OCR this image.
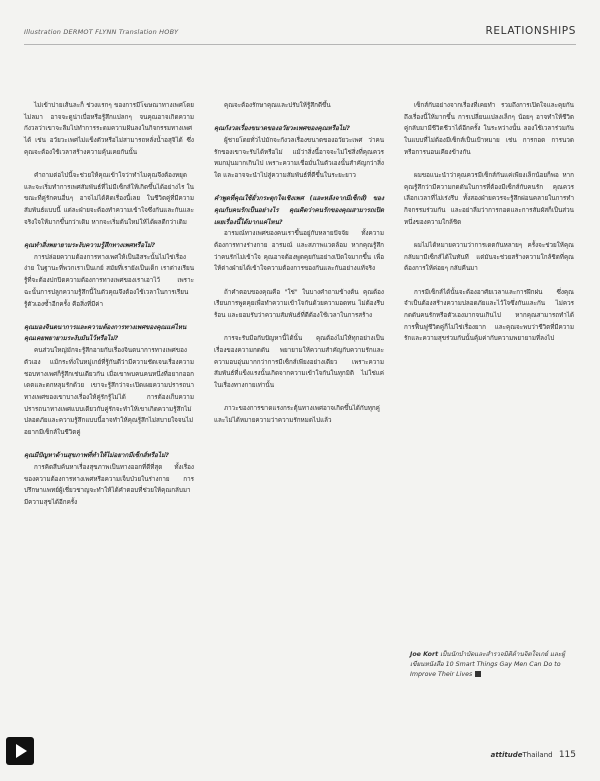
Illustration DERMOT FLYNN Translation HOBY	RELATIONSHIPS

ไม่เข้าบ่ายเส้นละก็ ช่วงแรกๆ ของการมีโฆษณาทางเพศโดยไม่ลมา อาจจะดูน่าเบื่อหรือรู้สึกแปลกๆ จนคุณอาจเกิดความกังวลว่าเขาจะลืมไปทำการระดมความฝันลงในกิจกรรมทางเพศได้ เช่น อวัยวะเพศไม่แข็งตัวหรือไม่สามารถหลั่งน้ำอสุจิได้ ซึ่งคุณจะต้องใช้เวลาสร้างความคุ้นเคยกันนั้น

คำถามต่อไปนี้จะช่วยให้คุณเข้าใจว่าทำไมคุณจึงต้องหยุด และจะเริ่มทำการเพศสัมพันธ์ที่ไม่มีเซ็กส์ให้เกิดขึ้นได้อย่างไร ในขณะที่คู่รักคนอื่นๆ อาจไม่ได้คิดเรื่องนี้เลย ในชีวิตคู่ที่มีความสัมพันธ์แบบนี้ แต่ละฝ่ายจะต้องทำความเข้าใจซึ่งกันและกันและจริงใจให้มากขึ้นกว่าเดิม หากจะเริ่มต้นใหม่ให้ได้ผลดีกว่าเดิม

คุณทำสิ่งพยายามระงับความรู้สึกทางเพศหรือไม่?

การปล่อยความต้องการทางเพศให้เป็นอิสระนั้นไม่ใช่เรื่องง่าย ในฐานะที่พวกเราเป็นเกย์ สมัยที่เรายังเป็นเด็ก เราต่างเรียนรู้ที่จะต้องปกปิดความต้องการทางเพศของเราเอาไว้ เพราะฉะนั้นการปลูกความรู้สึกนี้ในตัวคุณจึงต้องใช้เวลาในการเรียนรู้ตัวเองซ้ำอีกครั้ง คือสิ่งที่มีค่า

คุณมองจินตนาการและความต้องการทางเพศของคุณแค่ไหน คุณเคยพยายามระงับมันไว้หรือไม่?

คนส่วนใหญ่มักจะรู้สึกอายกับเรื่องจินตนาการทางเพศของตัวเอง แม้กระทั่งในหมู่เกย์ที่รู้กันดีว่ามีความชัดเจนเรื่องความชอบทางเพศก็รู้สึกเช่นเดียวกัน เมื่อเขาพบคนคนหนึ่งที่อยากออกเดตและตกหลุมรักด้วย เขาจะรู้สึกว่าจะเปิดเผยความปรารถนาทางเพศของเขาบางเรื่องให้คู่รักรู้ไม่ได้ การต้องเก็บความปรารถนาทางเพศแบบเดียวกับคู่รักจะทำให้เขาเกิดความรู้สึกไม่ปลอดภัยและความรู้สึกแบบนี้อาจทำให้คุณรู้สึกไม่สบายใจจนไม่อยากมีเซ็กส์ในชีวิตคู่

คุณมีปัญหาด้านสุขภาพที่ทำให้ไม่อยากมีเซ็กส์หรือไม่?

การคิดสืบค้นหาเรื่องสุขภาพเป็นทางออกที่ดีที่สุด ทั้งเรื่องของความต้องการทางเพศหรือความเจ็บป่วยในร่างกาย การปรึกษาแพทย์ผู้เชี่ยวชาญจะทำให้ได้คำตอบที่ช่วยให้คุณกลับมามีความสุขได้อีกครั้ง

คุณจะต้องรักษาคุณและปรับให้รู้สึกดีขึ้น

คุณกังวลเรื่องขนาดของอวัยวะเพศของคุณหรือไม่?

ผู้ชายโดยทั่วไปมักจะกังวลเรื่องขนาดของอวัยวะเพศ ว่าคนรักของเขาจะรับได้หรือไม่ แม้ว่าสิ่งนี้อาจจะไม่ใช่สิ่งที่คุณควรหมกมุ่นมากเกินไป เพราะความเชื่อมั่นในตัวเองนั้นสำคัญกว่าสิ่งใด และอาจจะนำไปสู่ความสัมพันธ์ที่ดีขึ้นในระยะยาว

คำพูดที่คุณใช้ยั่วกระตุกใจเชิงเพศ (และหลังจากมีเซ็กส์) ของคุณกับคนรักเป็นอย่างไร คุณคิดว่าคนรักของคุณสามารถเปิดเผยเรื่องนี้ได้มากแค่ไหน?

อารมณ์ทางเพศของคนเราขึ้นอยู่กับหลายปัจจัย ทั้งความต้องการทางร่างกาย อารมณ์ และสภาพแวดล้อม หากคุณรู้สึกว่าคนรักไม่เข้าใจ คุณอาจต้องพูดคุยกันอย่างเปิดใจมากขึ้น เพื่อให้ต่างฝ่ายได้เข้าใจความต้องการของกันและกันอย่างแท้จริง

ถ้าคำตอบของคุณคือ "ใช่" ในบางคำถามข้างต้น คุณต้องเรียนการพูดคุยเพื่อทำความเข้าใจกันด้วยความอดทน ไม่ต้องรีบร้อน และยอมรับว่าความสัมพันธ์ที่ดีต้องใช้เวลาในการสร้าง

การจะรับมือกับปัญหานี้ได้นั้น คุณต้องไม่ให้ทุกอย่างเป็นเรื่องของความกดดัน พยายามให้ความสำคัญกับความรักและความอบอุ่นมากกว่าการมีเซ็กส์เพียงอย่างเดียว เพราะความสัมพันธ์ที่แข็งแรงนั้นเกิดจากความเข้าใจกันในทุกมิติ ไม่ใช่แค่ในเรื่องทางกายเท่านั้น

ภาวะของการขาดแรงกระตุ้นทางเพศอาจเกิดขึ้นได้กับทุกคู่ และไม่ได้หมายความว่าความรักหมดไปแล้ว

เซ็กส์กับอย่างจากเรื่องที่เคยทำ รวมถึงการเปิดใจและคุยกันถึงเรื่องนี้ให้มากขึ้น การเปลี่ยนแปลงเล็กๆ น้อยๆ อาจทำให้ชีวิตคู่กลับมามีชีวิตชีวาได้อีกครั้ง ในระหว่างนั้น ลองใช้เวลาร่วมกันในแบบที่ไม่ต้องมีเซ็กส์เป็นเป้าหมาย เช่น การกอด การนวด หรือการนอนเคียงข้างกัน

ผมขอแนะนำว่าคุณควรมีเซ็กส์กันแค่เพียงเล็กน้อยก็พอ หากคุณรู้สึกว่ามีความกดดันในการที่ต้องมีเซ็กส์กับคนรัก คุณควรเลือกเวลาที่ไม่เร่งรีบ ทั้งสองฝ่ายควรจะรู้สึกผ่อนคลายในการทำกิจกรรมร่วมกัน และอย่าลืมว่าการกอดและการสัมผัสก็เป็นส่วนหนึ่งของความใกล้ชิด

ผมไม่ได้หมายความว่าการเดตกันหลายๆ ครั้งจะช่วยให้คุณกลับมามีเซ็กส์ได้ในทันที แต่มันจะช่วยสร้างความใกล้ชิดที่คุณต้องการให้ค่อยๆ กลับคืนมา

การมีเซ็กส์ได้นั้นจะต้องอาศัยเวลาและการฝึกฝน ซึ่งคุณจำเป็นต้องสร้างความปลอดภัยและไว้ใจซึ่งกันและกัน ไม่ควรกดดันคนรักหรือตัวเองมากจนเกินไป หากคุณสามารถทำได้ การฟื้นฟูชีวิตคู่ก็ไม่ใช่เรื่องยาก และคุณจะพบว่าชีวิตที่มีความรักและความสุขร่วมกันนั้นคุ้มค่ากับความพยายามที่ลงไป

Joe Kort เป็นนักบำบัดและสำรวจมิติด้านจิตใจเกย์ และผู้เขียนหนังสือ 10 Smart Things Gay Men Can Do to Improve Their Lives
attitudeThailand 115
